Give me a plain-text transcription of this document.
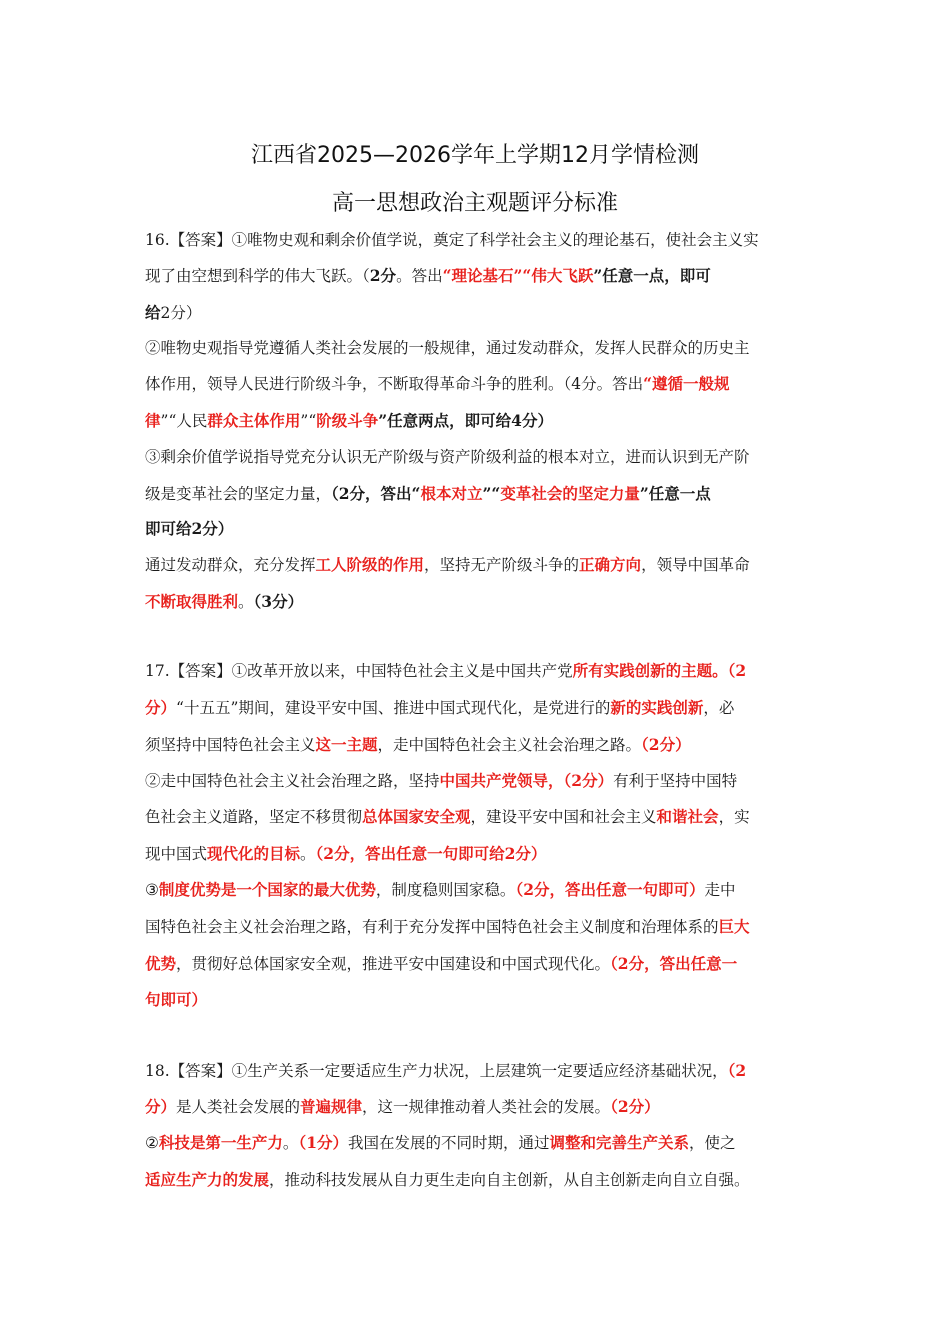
江西省2025—2026学年上学期12月学情检测
高一思想政治主观题评分标准
16.【答案】①唯物史观和剩余价值学说，奠定了科学社会主义的理论基石，使社会主义实
现了由空想到科学的伟大飞跃。（2分。答出“理论基石”“伟大飞跃”任意一点，即可
给2分）
②唯物史观指导党遵循人类社会发展的一般规律，通过发动群众，发挥人民群众的历史主
体作用，领导人民进行阶级斗争，不断取得革命斗争的胜利。（4分。答出“遵循一般规
律”“人民群众主体作用”“阶级斗争”任意两点，即可给4分）
③剩余价值学说指导党充分认识无产阶级与资产阶级利益的根本对立，进而认识到无产阶
级是变革社会的坚定力量，（2分，答出“根本对立”“变革社会的坚定力量”任意一点
即可给2分）
通过发动群众，充分发挥工人阶级的作用，坚持无产阶级斗争的正确方向，领导中国革命
不断取得胜利。（3分）
17.【答案】①改革开放以来，中国特色社会主义是中国共产党所有实践创新的主题。（2
分）“十五五”期间，建设平安中国、推进中国式现代化，是党进行的新的实践创新，必
须坚持中国特色社会主义这一主题，走中国特色社会主义社会治理之路。（2分）
②走中国特色社会主义社会治理之路，坚持中国共产党领导，（2分）有利于坚持中国特
色社会主义道路，坚定不移贯彻总体国家安全观，建设平安中国和社会主义和谐社会，实
现中国式现代化的目标。（2分，答出任意一句即可给2分）
③制度优势是一个国家的最大优势，制度稳则国家稳。（2分，答出任意一句即可）走中
国特色社会主义社会治理之路，有利于充分发挥中国特色社会主义制度和治理体系的巨大
优势，贯彻好总体国家安全观，推进平安中国建设和中国式现代化。（2分，答出任意一
句即可）
18.【答案】①生产关系一定要适应生产力状况，上层建筑一定要适应经济基础状况，（2
分）是人类社会发展的普遍规律，这一规律推动着人类社会的发展。（2分）
②科技是第一生产力。（1分）我国在发展的不同时期，通过调整和完善生产关系，使之
适应生产力的发展，推动科技发展从自力更生走向自主创新，从自主创新走向自立自强。
